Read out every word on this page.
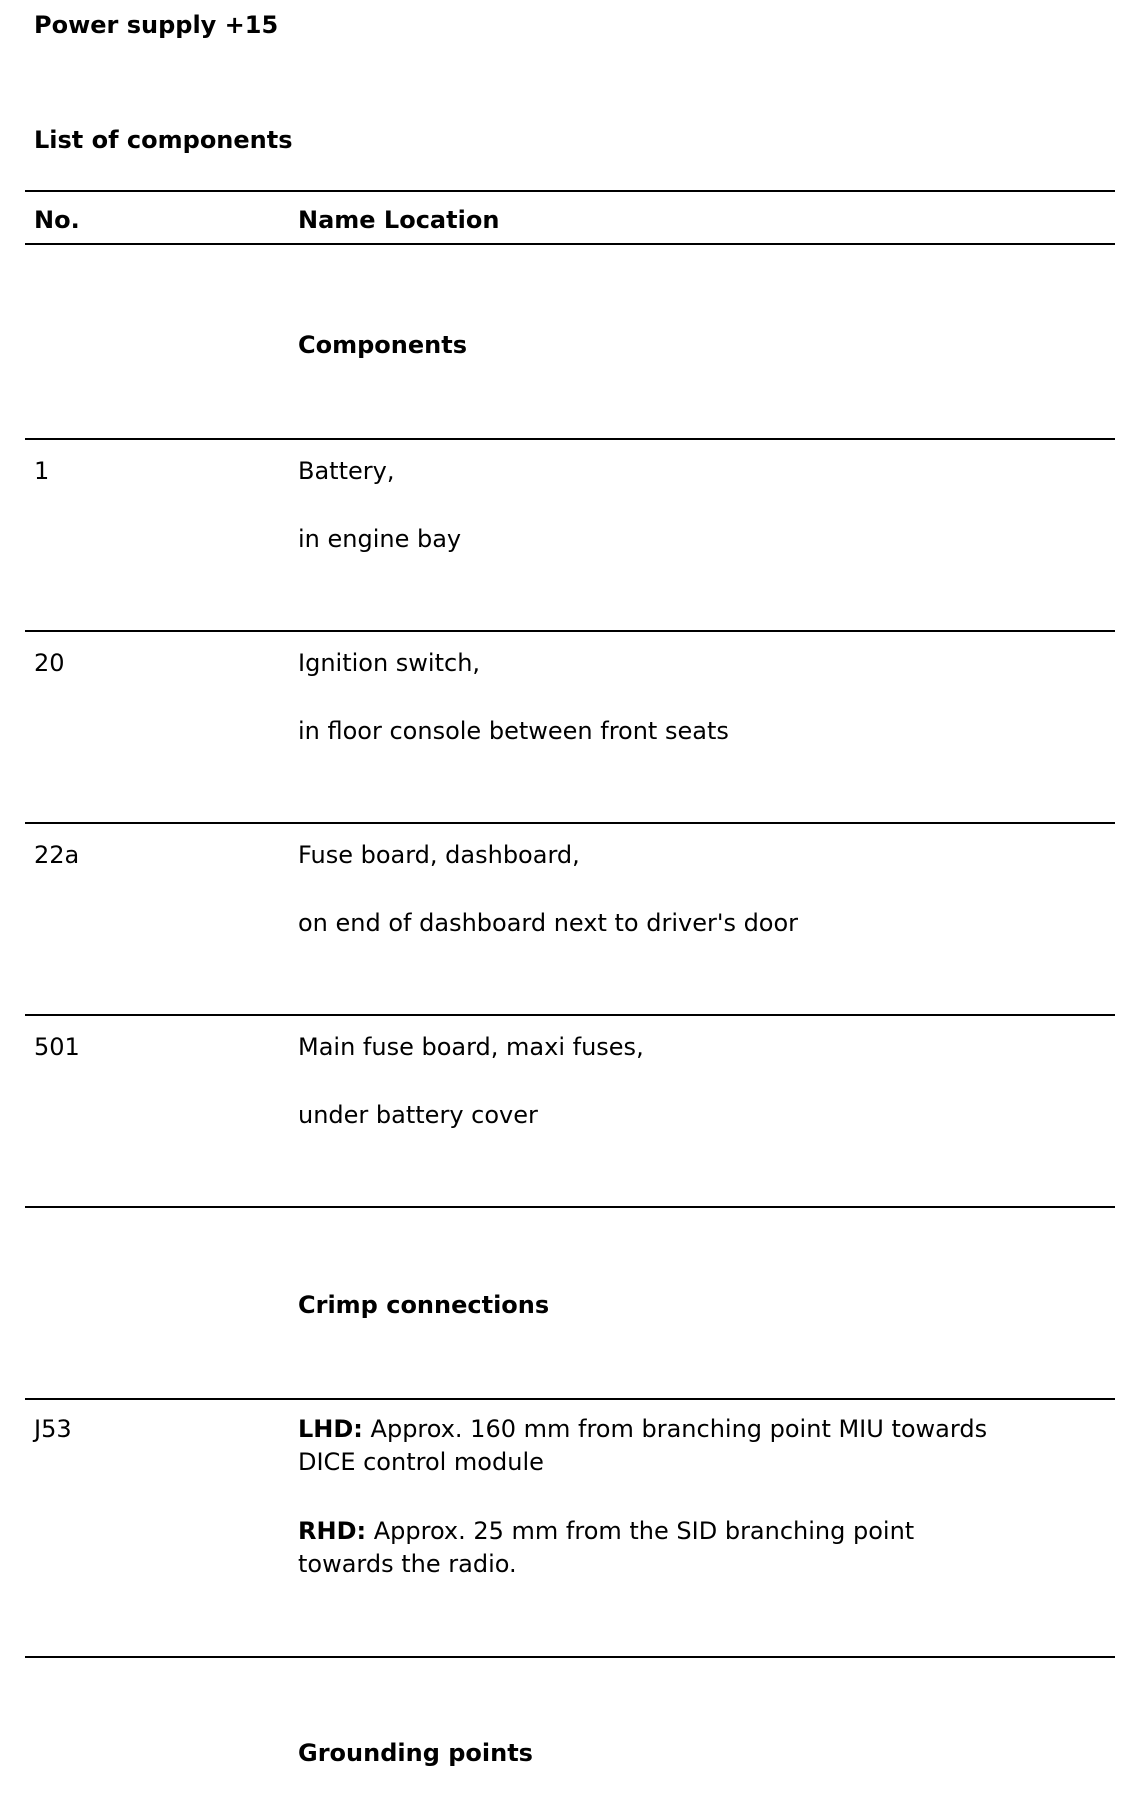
Power supply +15
List of components
No.	Name Location
Components
1	Battery,
in engine bay
20	Ignition switch,
in floor console between front seats
22a	Fuse board, dashboard,
on end of dashboard next to driver's door
501	Main fuse board, maxi fuses,
under battery cover
Crimp connections
J53	LHD: Approx. 160 mm from branching point MIU towards
DICE control module
RHD: Approx. 25 mm from the SID branching point
towards the radio.
Grounding points
